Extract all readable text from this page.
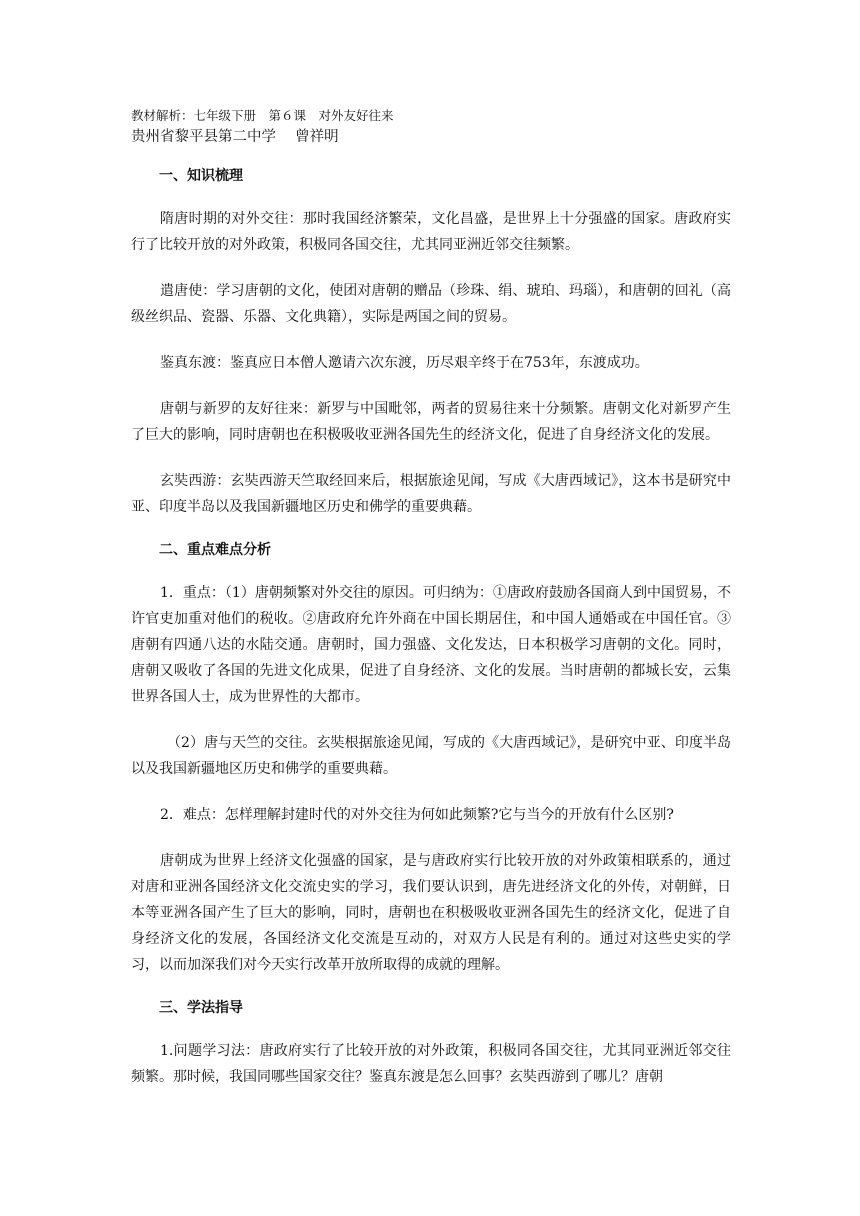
教材解析：七年级下册　第６课　对外友好往来
贵州省黎平县第二中学　 曾祥明
一、知识梳理

隋唐时期的对外交往：那时我国经济繁荣，文化昌盛，是世界上十分强盛的国家。唐政府实行了比较开放的对外政策，积极同各国交往，尤其同亚洲近邻交往频繁。

遣唐使：学习唐朝的文化，使团对唐朝的赠品（珍珠、绢、琥珀、玛瑙），和唐朝的回礼（高级丝织品、瓷器、乐器、文化典籍），实际是两国之间的贸易。

鉴真东渡：鉴真应日本僧人邀请六次东渡，历尽艰辛终于在753年，东渡成功。

唐朝与新罗的友好往来：新罗与中国毗邻，两者的贸易往来十分频繁。唐朝文化对新罗产生了巨大的影响，同时唐朝也在积极吸收亚洲各国先生的经济文化，促进了自身经济文化的发展。

玄奘西游：玄奘西游天竺取经回来后，根据旅途见闻，写成《大唐西域记》，这本书是研究中亚、印度半岛以及我国新疆地区历史和佛学的重要典藉。

二、重点难点分析

1．重点：（1）唐朝频繁对外交往的原因。可归纳为：①唐政府鼓励各国商人到中国贸易，不许官吏加重对他们的税收。②唐政府允许外商在中国长期居住，和中国人通婚或在中国任官。③唐朝有四通八达的水陆交通。唐朝时，国力强盛、文化发达，日本积极学习唐朝的文化。同时，唐朝又吸收了各国的先进文化成果，促进了自身经济、文化的发展。当时唐朝的都城长安，云集世界各国人士，成为世界性的大都市。

（2）唐与天竺的交往。玄奘根据旅途见闻，写成的《大唐西域记》，是研究中亚、印度半岛以及我国新疆地区历史和佛学的重要典藉。

2．难点：怎样理解封建时代的对外交往为何如此频繁?它与当今的开放有什么区别?

唐朝成为世界上经济文化强盛的国家，是与唐政府实行比较开放的对外政策相联系的，通过对唐和亚洲各国经济文化交流史实的学习，我们要认识到，唐先进经济文化的外传，对朝鲜，日本等亚洲各国产生了巨大的影响，同时，唐朝也在积极吸收亚洲各国先生的经济文化，促进了自身经济文化的发展，各国经济文化交流是互动的，对双方人民是有利的。通过对这些史实的学习，以而加深我们对今天实行改革开放所取得的成就的理解。

三、学法指导

1.问题学习法：唐政府实行了比较开放的对外政策，积极同各国交往，尤其同亚洲近邻交往频繁。那时候，我国同哪些国家交往？鉴真东渡是怎么回事？玄奘西游到了哪儿？唐朝
